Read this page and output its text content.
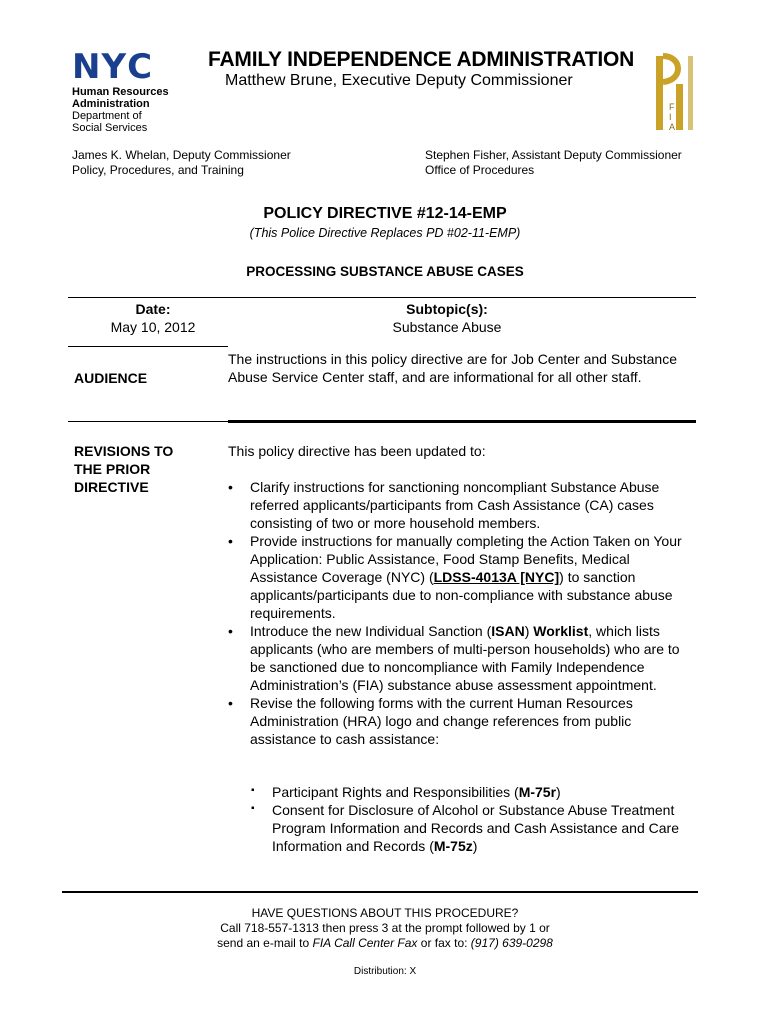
N Y C
Human Resources
Administration
Department of
Social Services
FAMILY INDEPENDENCE ADMINISTRATION
Matthew Brune, Executive Deputy Commissioner
F
I
A
James K. Whelan, Deputy Commissioner
Policy, Procedures, and Training
Stephen Fisher, Assistant Deputy Commissioner
Office of Procedures
POLICY DIRECTIVE #12-14-EMP
(This Police Directive Replaces PD #02-11-EMP)
PROCESSING SUBSTANCE ABUSE CASES
Date:
May 10, 2012
Subtopic(s):
Substance Abuse
AUDIENCE
The instructions in this policy directive are for Job Center and Substance Abuse Service Center staff, and are informational for all other staff.
REVISIONS TO
THE PRIOR
DIRECTIVE
This policy directive has been updated to:
• Clarify instructions for sanctioning noncompliant Substance Abuse referred applicants/participants from Cash Assistance (CA) cases consisting of two or more household members.
• Provide instructions for manually completing the Action Taken on Your Application: Public Assistance, Food Stamp Benefits, Medical Assistance Coverage (NYC) (LDSS-4013A [NYC]) to sanction applicants/participants due to non-compliance with substance abuse requirements.
• Introduce the new Individual Sanction (ISAN) Worklist, which lists applicants (who are members of multi-person households) who are to be sanctioned due to noncompliance with Family Independence Administration’s (FIA) substance abuse assessment appointment.
• Revise the following forms with the current Human Resources Administration (HRA) logo and change references from public assistance to cash assistance:
▪ Participant Rights and Responsibilities (M-75r)
▪ Consent for Disclosure of Alcohol or Substance Abuse Treatment Program Information and Records and Cash Assistance and Care Information and Records (M-75z)
HAVE QUESTIONS ABOUT THIS PROCEDURE?
Call 718-557-1313 then press 3 at the prompt followed by 1 or
send an e-mail to FIA Call Center Fax or fax to: (917) 639-0298
Distribution: X
